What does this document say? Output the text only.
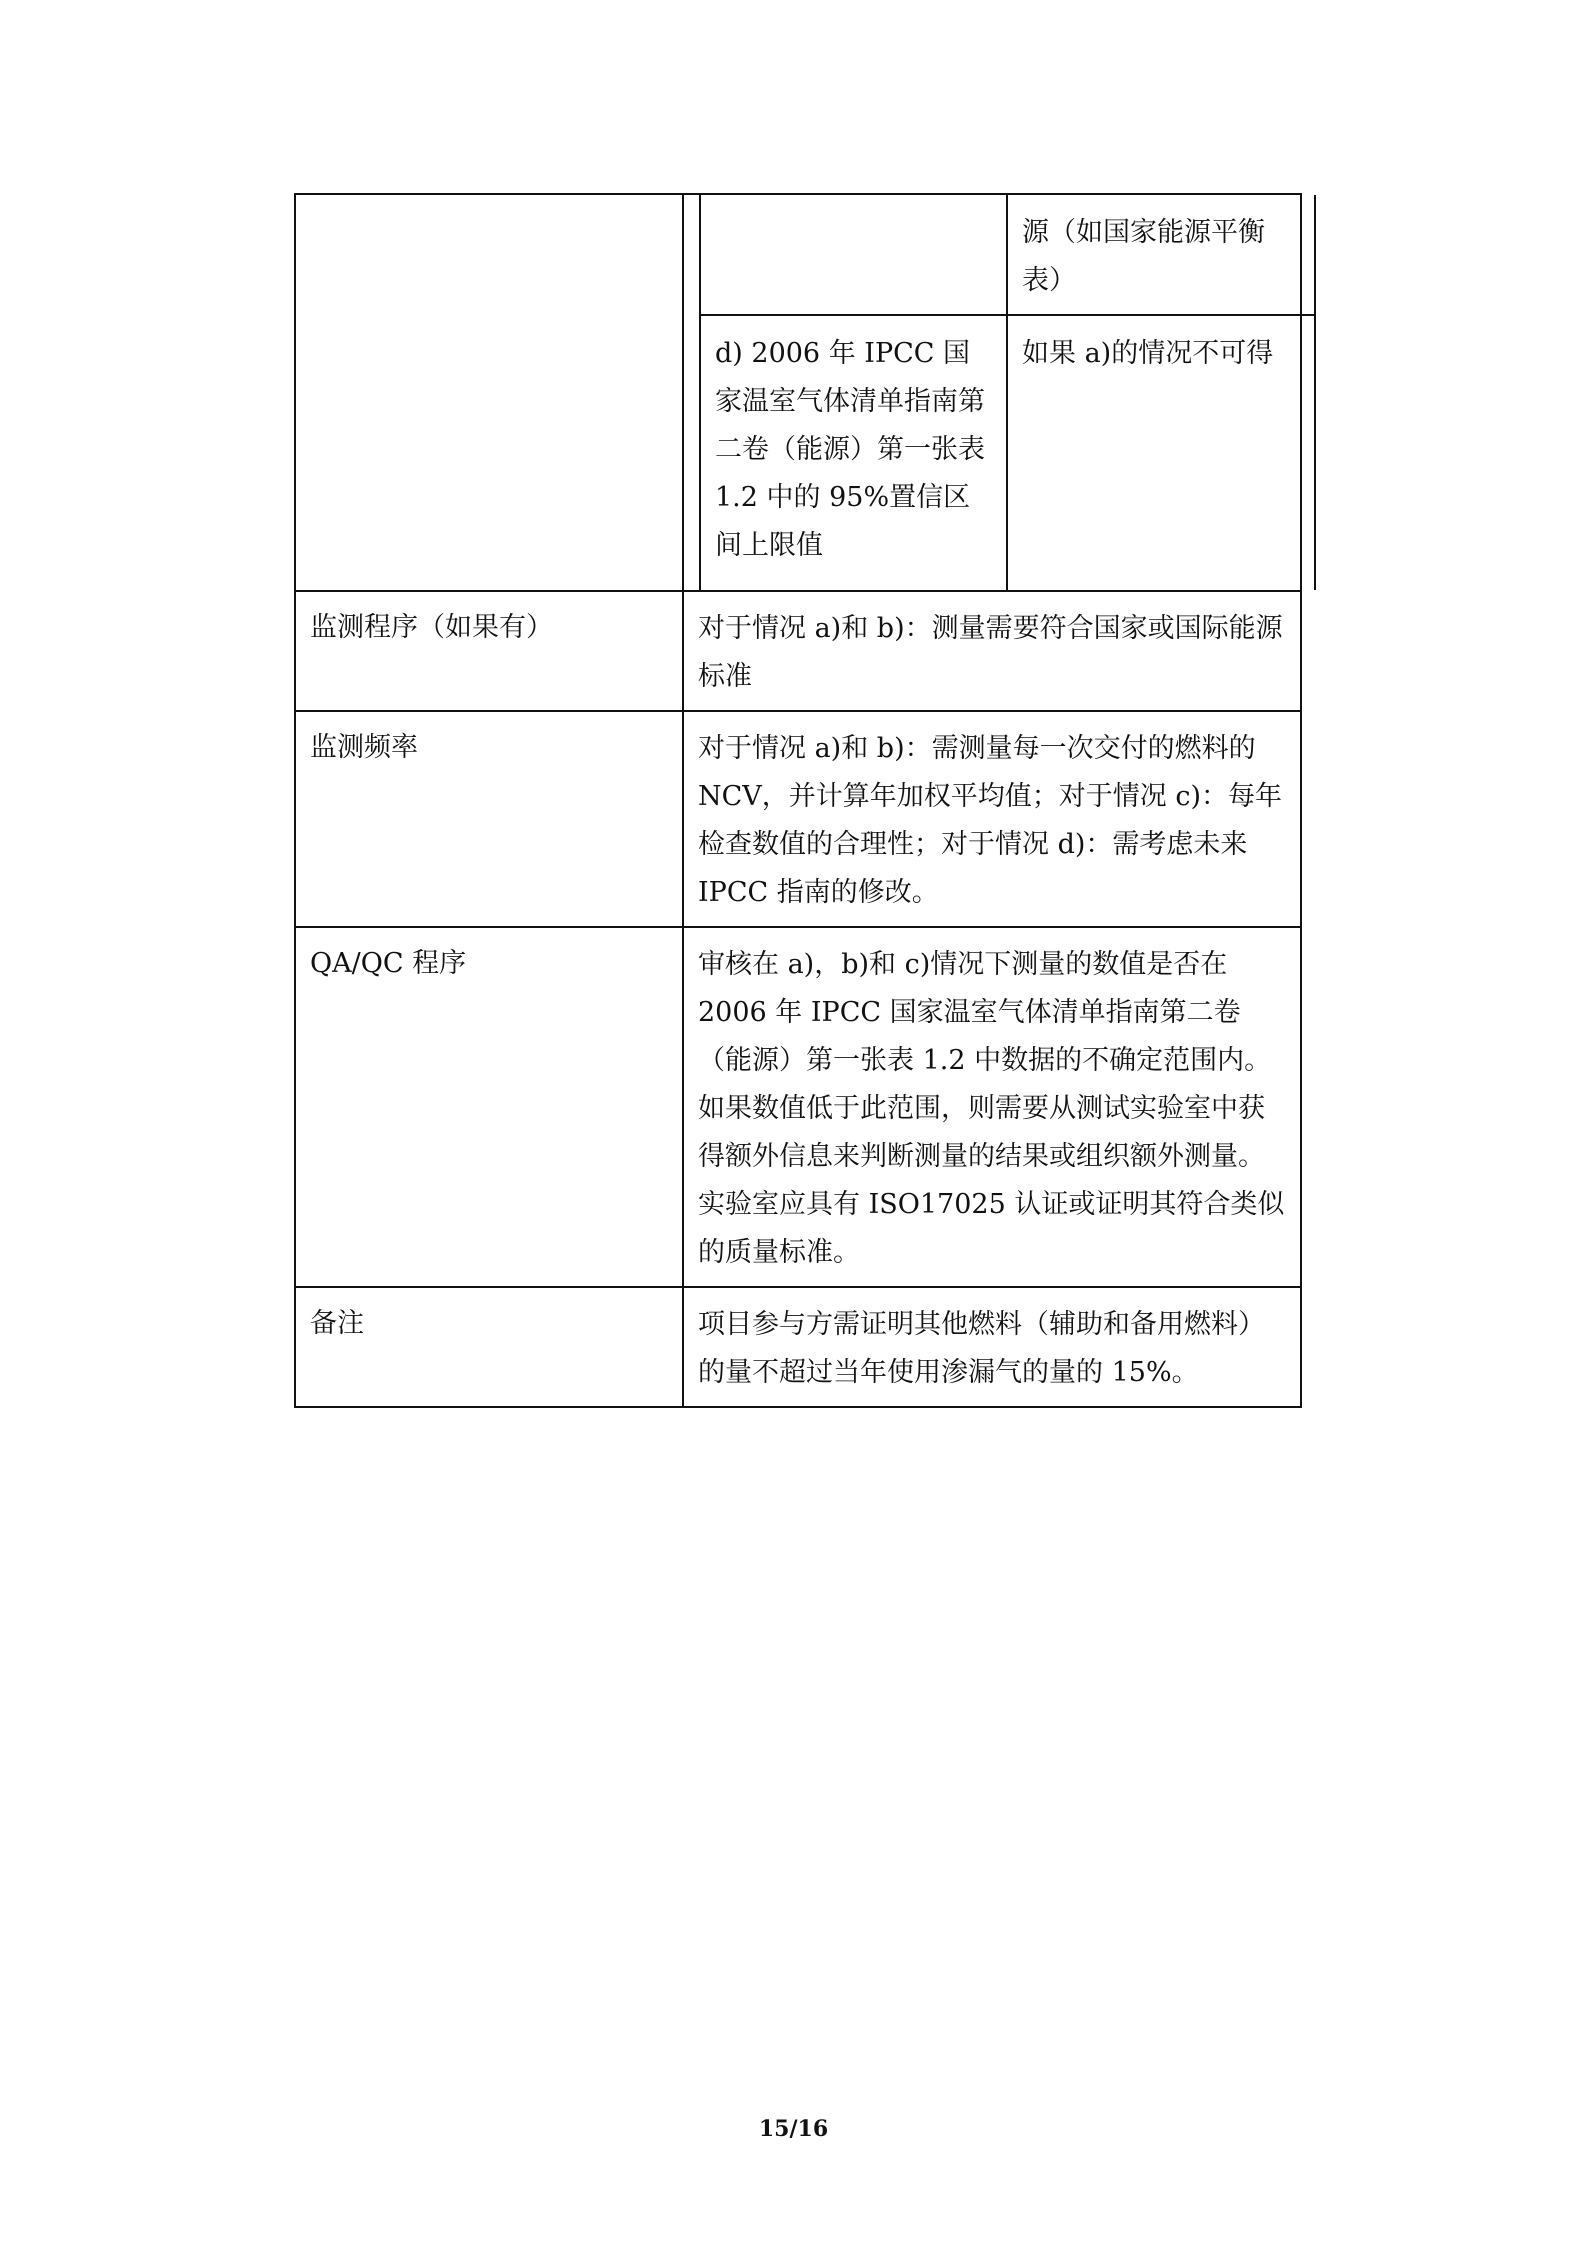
	源（如国家能源平衡表）
d) 2006 年 IPCC 国家温室气体清单指南第二卷（能源）第一张表 1.2 中的 95%置信区间上限值	如果 a)的情况不可得

监测程序（如果有）	对于情况 a)和 b)：测量需要符合国家或国际能源标准
监测频率	对于情况 a)和 b)：需测量每一次交付的燃料的 NCV，并计算年加权平均值；对于情况 c)：每年检查数值的合理性；对于情况 d)：需考虑未来 IPCC 指南的修改。
QA/QC 程序	审核在 a)，b)和 c)情况下测量的数值是否在 2006 年 IPCC 国家温室气体清单指南第二卷（能源）第一张表 1.2 中数据的不确定范围内。如果数值低于此范围，则需要从测试实验室中获得额外信息来判断测量的结果或组织额外测量。实验室应具有 ISO17025 认证或证明其符合类似的质量标准。
备注	项目参与方需证明其他燃料（辅助和备用燃料）的量不超过当年使用渗漏气的量的 15%。
15/16
